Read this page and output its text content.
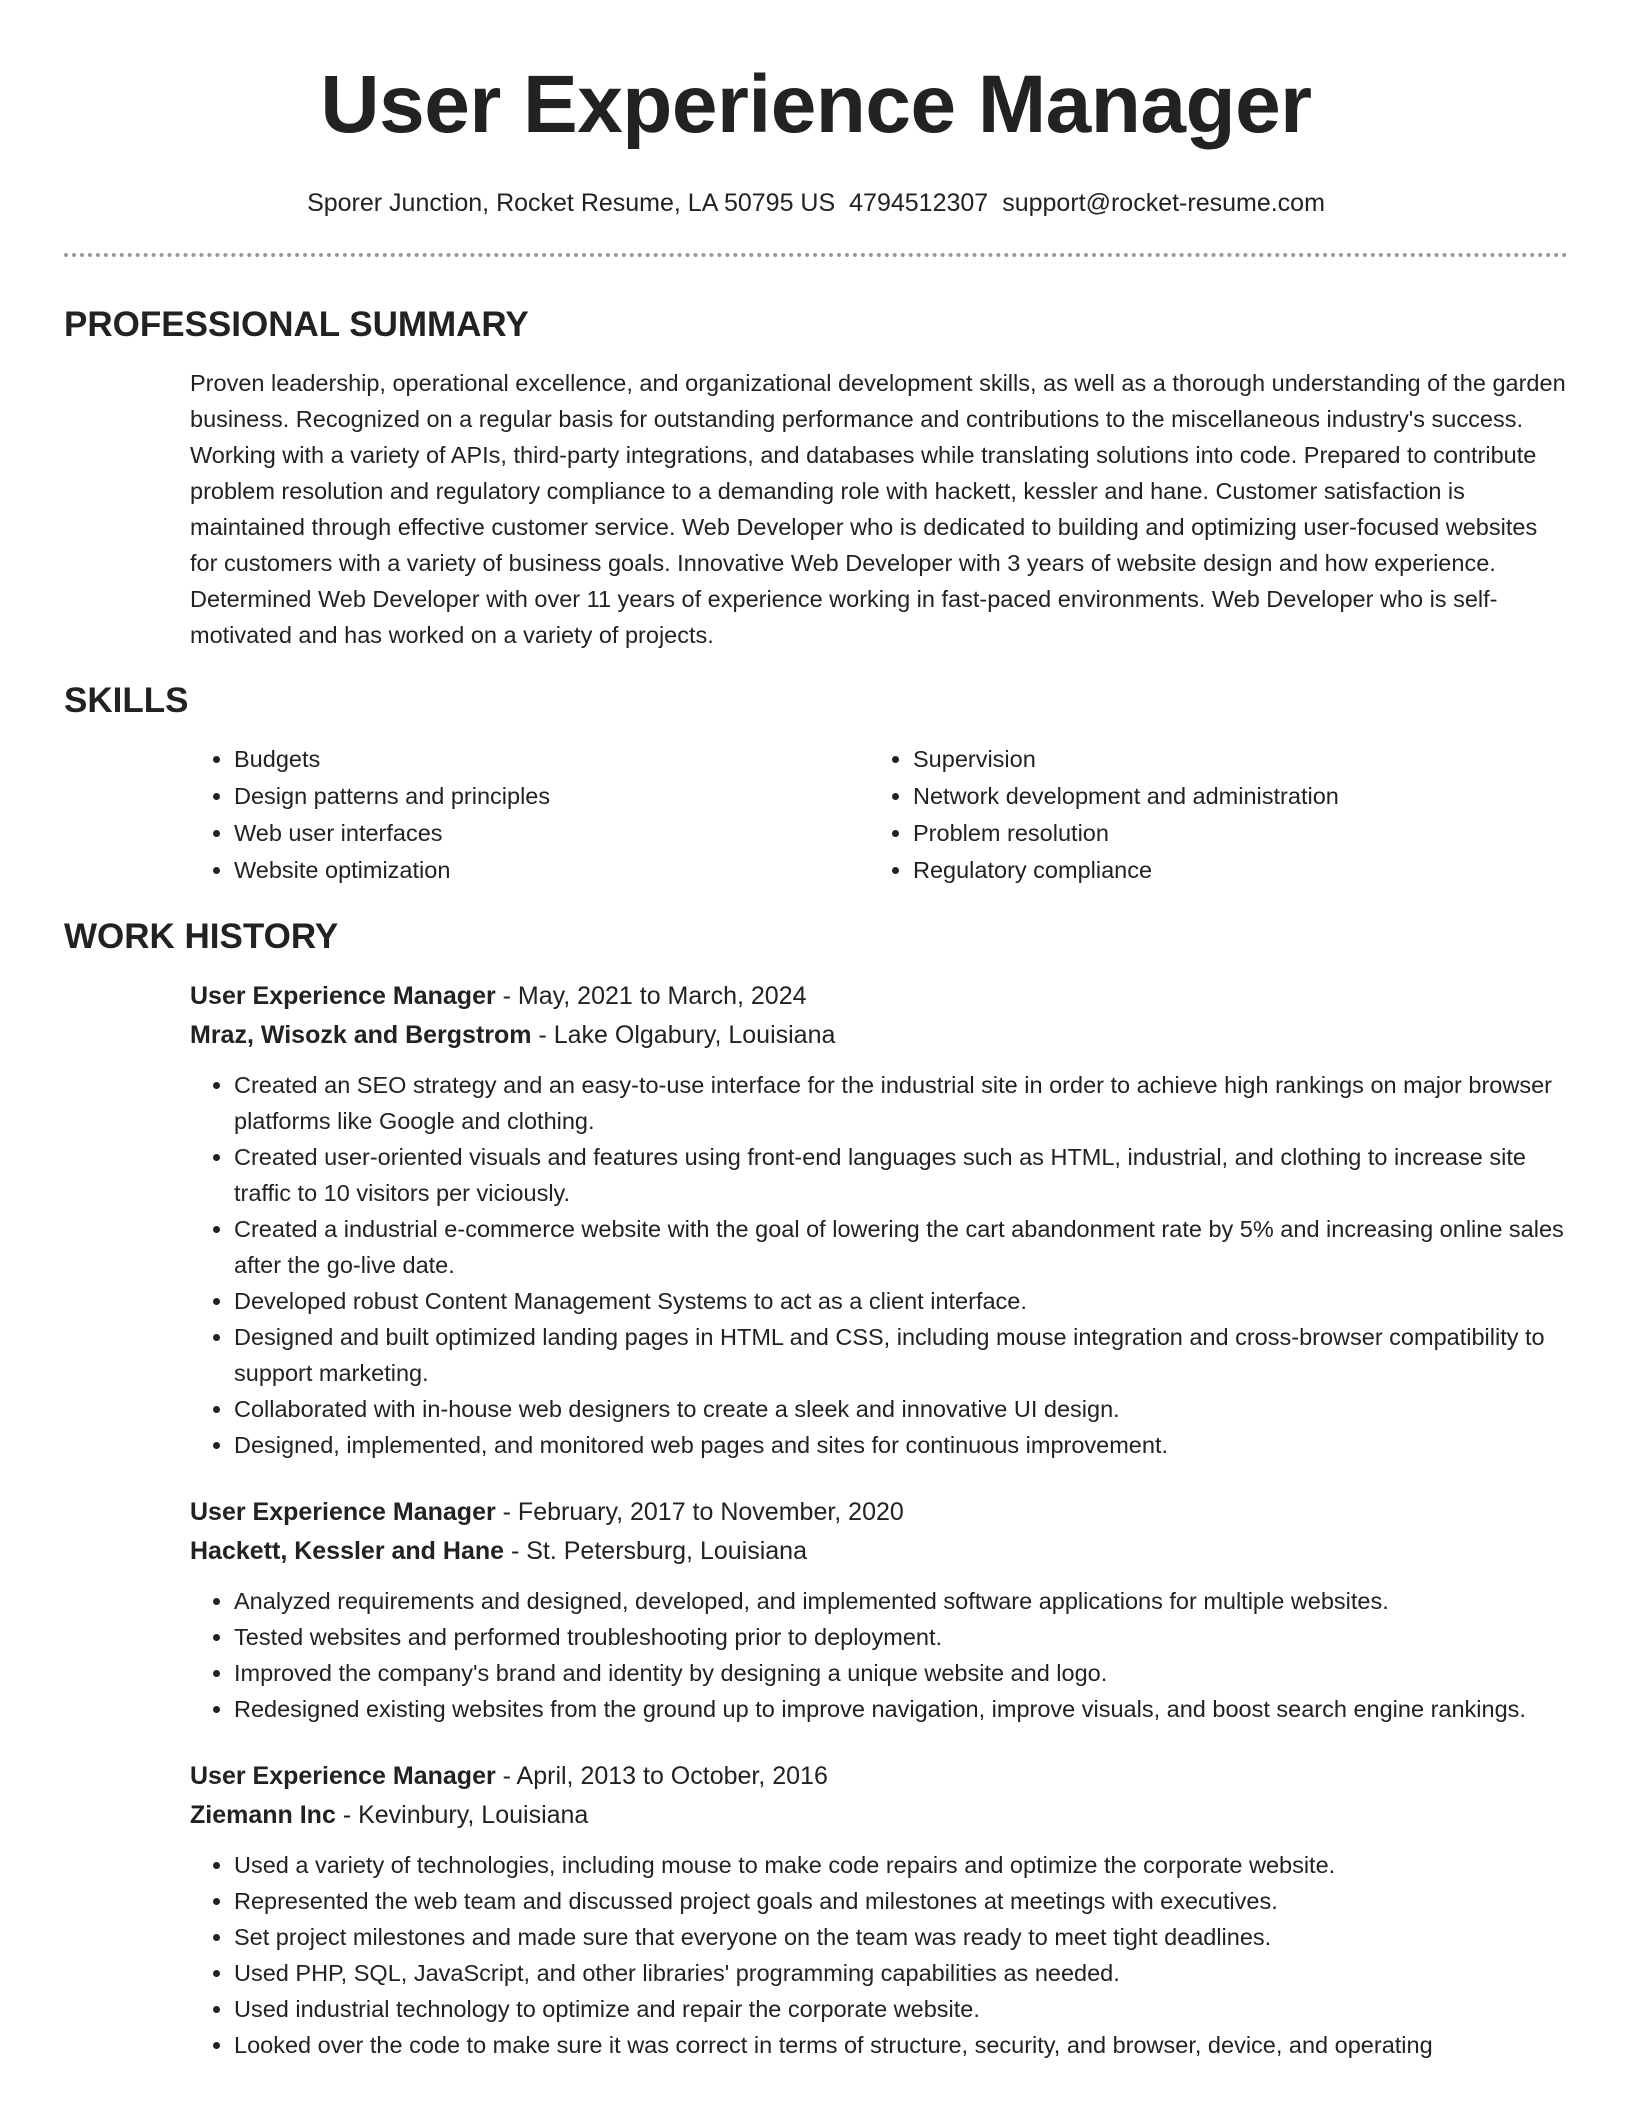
User Experience Manager
Sporer Junction, Rocket Resume, LA 50795 US 4794512307 support@rocket-resume.com
PROFESSIONAL SUMMARY

Proven leadership, operational excellence, and organizational development skills, as well as a thorough understanding of the garden business. Recognized on a regular basis for outstanding performance and contributions to the miscellaneous industry's success. Working with a variety of APIs, third-party integrations, and databases while translating solutions into code. Prepared to contribute problem resolution and regulatory compliance to a demanding role with hackett, kessler and hane. Customer satisfaction is maintained through effective customer service. Web Developer who is dedicated to building and optimizing user-focused websites for customers with a variety of business goals. Innovative Web Developer with 3 years of website design and how experience. Determined Web Developer with over 11 years of experience working in fast-paced environments. Web Developer who is self-motivated and has worked on a variety of projects.

SKILLS
• Budgets
• Design patterns and principles
• Web user interfaces
• Website optimization
• Supervision
• Network development and administration
• Problem resolution
• Regulatory compliance
WORK HISTORY
User Experience Manager - May, 2021 to March, 2024
Mraz, Wisozk and Bergstrom - Lake Olgabury, Louisiana
• Created an SEO strategy and an easy-to-use interface for the industrial site in order to achieve high rankings on major browser platforms like Google and clothing.
• Created user-oriented visuals and features using front-end languages such as HTML, industrial, and clothing to increase site traffic to 10 visitors per viciously.
• Created a industrial e-commerce website with the goal of lowering the cart abandonment rate by 5% and increasing online sales after the go-live date.
• Developed robust Content Management Systems to act as a client interface.
• Designed and built optimized landing pages in HTML and CSS, including mouse integration and cross-browser compatibility to support marketing.
• Collaborated with in-house web designers to create a sleek and innovative UI design.
• Designed, implemented, and monitored web pages and sites for continuous improvement.
User Experience Manager - February, 2017 to November, 2020
Hackett, Kessler and Hane - St. Petersburg, Louisiana
• Analyzed requirements and designed, developed, and implemented software applications for multiple websites.
• Tested websites and performed troubleshooting prior to deployment.
• Improved the company's brand and identity by designing a unique website and logo.
• Redesigned existing websites from the ground up to improve navigation, improve visuals, and boost search engine rankings.
User Experience Manager - April, 2013 to October, 2016
Ziemann Inc - Kevinbury, Louisiana
• Used a variety of technologies, including mouse to make code repairs and optimize the corporate website.
• Represented the web team and discussed project goals and milestones at meetings with executives.
• Set project milestones and made sure that everyone on the team was ready to meet tight deadlines.
• Used PHP, SQL, JavaScript, and other libraries' programming capabilities as needed.
• Used industrial technology to optimize and repair the corporate website.
• Looked over the code to make sure it was correct in terms of structure, security, and browser, device, and operating
